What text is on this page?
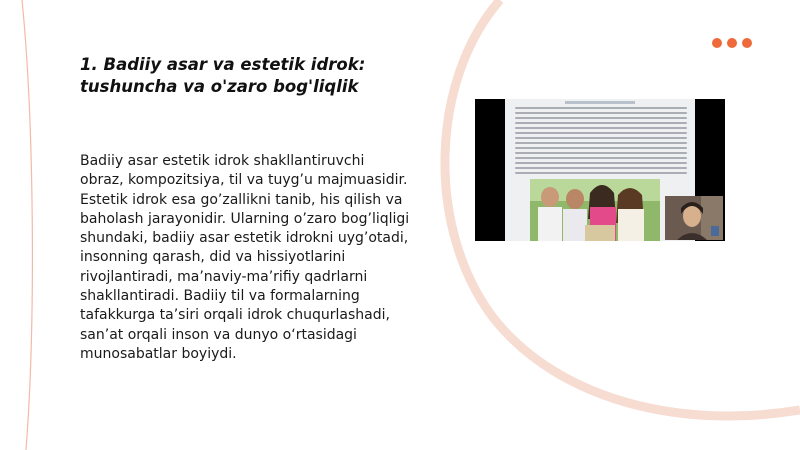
1. Badiiy asar va estetik idrok: tushuncha va o'zaro bog'liqlik

Badiiy asar estetik idrok shakllantiruvchi obraz, kompozitsiya, til va tuyg’u majmuasidir. Estetik idrok esa go’zallikni tanib, his qilish va baholash jarayonidir. Ularning o’zaro bog’liqligi shundaki, badiiy asar estetik idrokni uyg’otadi, insonning qarash, did va hissiyotlarini rivojlantiradi, ma’naviy-ma’rifiy qadrlarni shakllantiradi. Badiiy til va formalarning tafakkurga ta’siri orqali idrok chuqurlashadi, san’at orqali inson va dunyo o‘rtasidagi munosabatlar boyiydi.
